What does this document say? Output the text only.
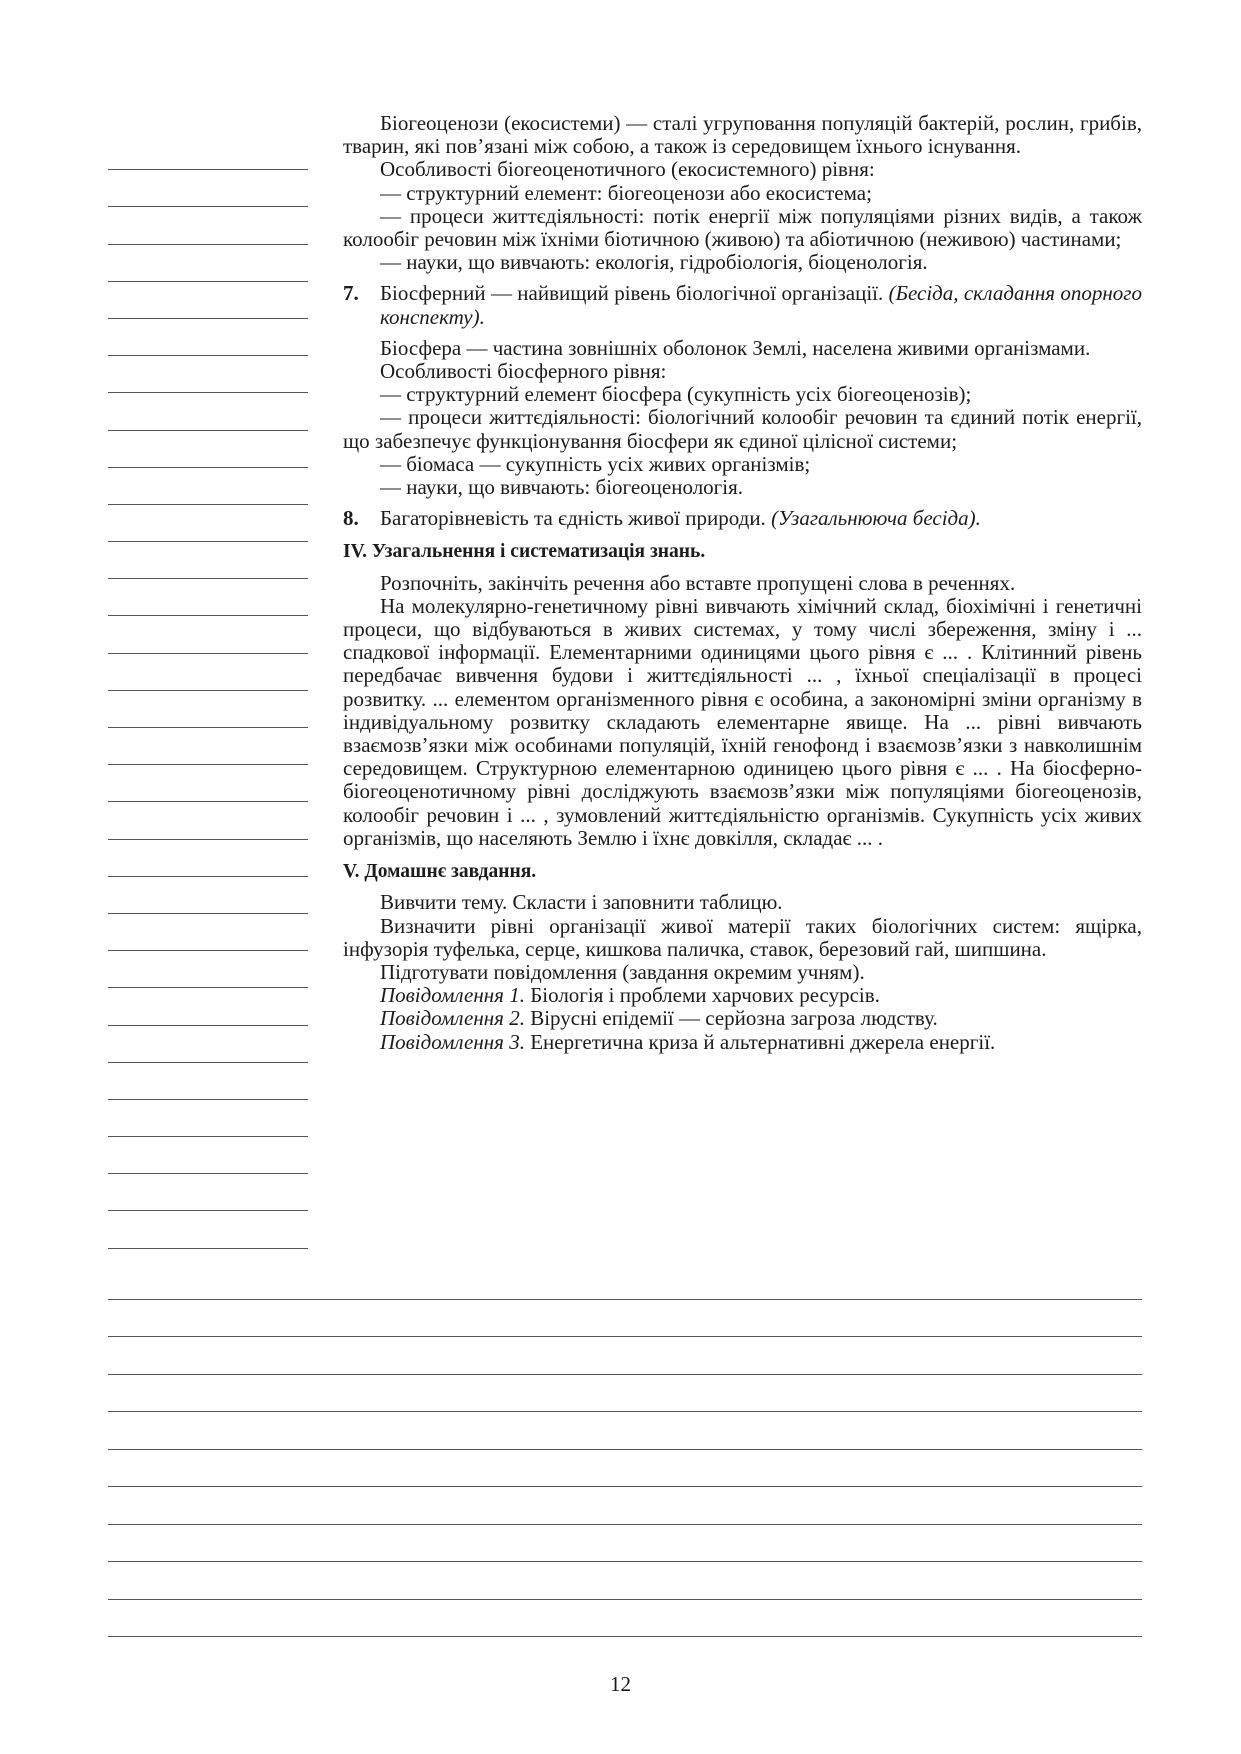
Біогеоценози (екосистеми) — сталі угруповання популяцій бактерій, рослин, грибів, тварин, які пов’язані між собою, а також із середовищем їхнього існування.

Особливості біогеоценотичного (екосистемного) рівня:

— структурний елемент: біогеоценози або екосистема;

— процеси життєдіяльності: потік енергії між популяціями різних видів, а також колообіг речовин між їхніми біотичною (живою) та абіотичною (неживою) частинами;

— науки, що вивчають: екологія, гідробіологія, біоценологія.

7. Біосферний — найвищий рівень біологічної організації. (Бесіда, складання опорного конспекту).

Біосфера — частина зовнішніх оболонок Землі, населена живими організмами.

Особливості біосферного рівня:

— структурний елемент біосфера (сукупність усіх біогеоценозів);

— процеси життєдіяльності: біологічний колообіг речовин та єдиний потік енергії, що забезпечує функціонування біосфери як єдиної цілісної системи;

— біомаса — сукупність усіх живих організмів;

— науки, що вивчають: біогеоценологія.

8. Багаторівневість та єдність живої природи. (Узагальнююча бесіда).

IV. Узагальнення і систематизація знань.

Розпочніть, закінчіть речення або вставте пропущені слова в реченнях.

На молекулярно-генетичному рівні вивчають хімічний склад, біохімічні і генетичні процеси, що відбуваються в живих системах, у тому числі збереження, зміну і ... спадкової інформації. Елементарними одиницями цього рівня є ... . Клітинний рівень передбачає вивчення будови і життєдіяльності ... , їхньої спеціалізації в процесі розвитку. ... елементом організменного рівня є особина, а закономірні зміни організму в індивідуальному розвитку складають елементарне явище. На ... рівні вивчають взаємозв’язки між особинами популяцій, їхній генофонд і взаємозв’язки з навколишнім середовищем. Структурною елементарною одиницею цього рівня є ... . На біосферно-біогеоценотичному рівні досліджують взаємозв’язки між популяціями біогеоценозів, колообіг речовин і ... , зумовлений життєдіяльністю організмів. Сукупність усіх живих організмів, що населяють Землю і їхнє довкілля, складає ... .

V. Домашнє завдання.

Вивчити тему. Скласти і заповнити таблицю.

Визначити рівні організації живої матерії таких біологічних систем: ящірка, інфузорія туфелька, серце, кишкова паличка, ставок, березовий гай, шипшина.

Підготувати повідомлення (завдання окремим учням).

Повідомлення 1. Біологія і проблеми харчових ресурсів.

Повідомлення 2. Вірусні епідемії — серйозна загроза людству.

Повідомлення 3. Енергетична криза й альтернативні джерела енергії.

12
